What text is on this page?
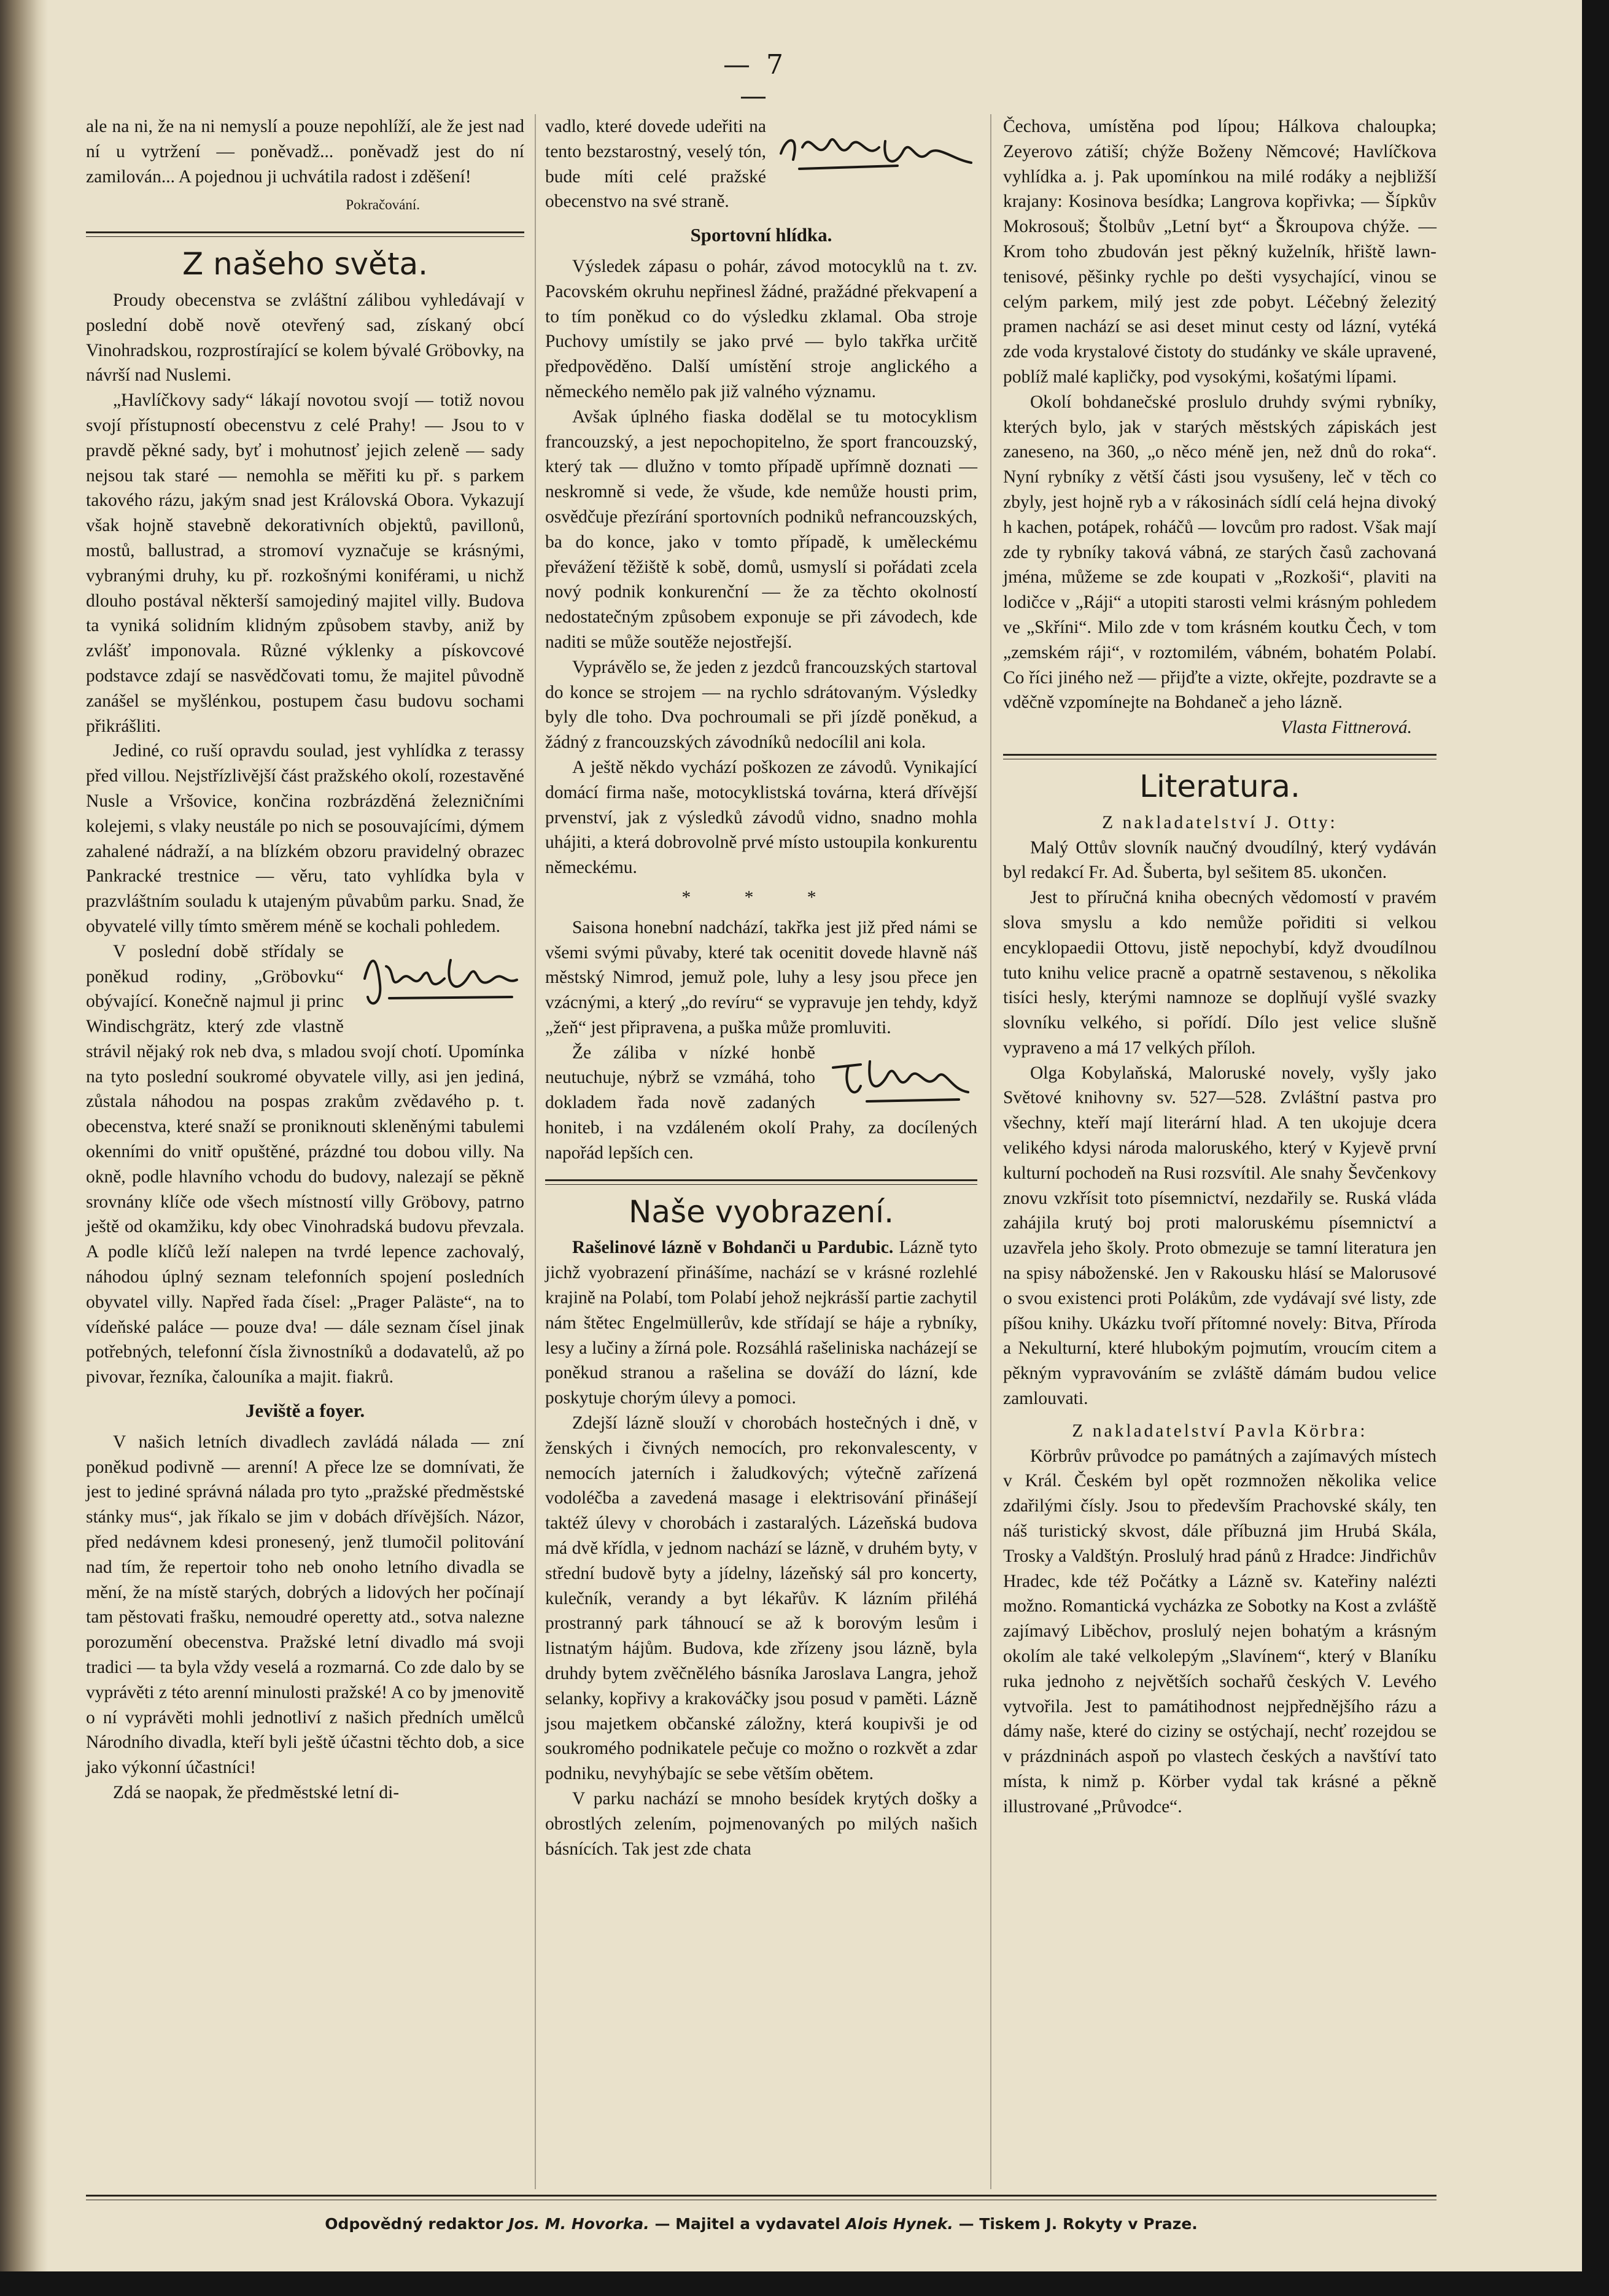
— 7 —

ale na ni, že na ni nemyslí a pouze nepohlíží, ale že jest nad ní u vytržení — poněvadž... poněvadž jest do ní zamilován... A pojednou ji uchvátila radost i zděšení!

Pokračování.

Z našeho světa.

Proudy obecenstva se zvláštní zálibou vyhledávají v poslední době nově otevřený sad, získaný obcí Vinohradskou, rozprostírající se kolem bývalé Gröbovky, na návrší nad Nuslemi.

„Havlíčkovy sady“ lákají novotou svojí — totiž novou svojí přístupností obecenstvu z celé Prahy! — Jsou to v pravdě pěkné sady, byť i mohutnosť jejich zeleně — sady nejsou tak staré — nemohla se měřiti ku př. s parkem takového rázu, jakým snad jest Královská Obora. Vykazují však hojně stavebně dekorativních objektů, pavillonů, mostů, ballustrad, a stromoví vyznačuje se krásnými, vybranými druhy, ku př. rozkošnými koniférami, u nichž dlouho postával některší samojediný majitel villy. Budova ta vyniká solidním klidným způsobem stavby, aniž by zvlášť imponovala. Různé výklenky a pískovcové podstavce zdají se nasvědčovati tomu, že majitel původně zanášel se myšlénkou, postupem času budovu sochami přikrášliti.

Jediné, co ruší opravdu soulad, jest vyhlídka z terassy před villou. Nejstřízlivější část pražského okolí, rozestavěné Nusle a Vršovice, končina rozbrázděná železničními kolejemi, s vlaky neustále po nich se posouvajícími, dýmem zahalené nádraží, a na blízkém obzoru pravidelný obrazec Pankracké trestnice — věru, tato vyhlídka byla v prazvláštním souladu k utajeným půvabům parku. Snad, že obyvatelé villy tímto směrem méně se kochali pohledem.

V poslední době střídaly se poněkud rodiny, „Gröbovku“ obývající. Konečně najmul ji princ Windischgrätz, který zde vlastně strávil nějaký rok neb dva, s mladou svojí chotí. Upomínka na tyto poslední soukromé obyvatele villy, asi jen jediná, zůstala náhodou na pospas zrakům zvědavého p. t. obecenstva, které snaží se proniknouti skleněnými tabulemi okenními do vnitř opuštěné, prázdné tou dobou villy. Na okně, podle hlavního vchodu do budovy, nalezají se pěkně srovnány klíče ode všech místností villy Gröbovy, patrno ještě od okamžiku, kdy obec Vinohradská budovu převzala. A podle klíčů leží nalepen na tvrdé lepence zachovalý, náhodou úplný seznam telefonních spojení posledních obyvatel villy. Napřed řada čísel: „Prager Paläste“, na to vídeňské paláce — pouze dva! — dále seznam čísel jinak potřebných, telefonní čísla živnostníků a dodavatelů, až po pivovar, řezníka, čalouníka a majit. fiakrů.

Jeviště a foyer.

V našich letních divadlech zavládá nálada — zní poněkud podivně — arenní! A přece lze se domnívati, že jest to jediné správná nálada pro tyto „pražské předměstské stánky mus“, jak říkalo se jim v dobách dřívějších. Názor, před nedávnem kdesi pronesený, jenž tlumočil politování nad tím, že repertoir toho neb onoho letního divadla se mění, že na místě starých, dobrých a lidových her počínají tam pěstovati frašku, nemoudré operetty atd., sotva nalezne porozumění obecenstva. Pražské letní divadlo má svoji tradici — ta byla vždy veselá a rozmarná. Co zde dalo by se vyprávěti z této arenní minulosti pražské! A co by jmenovitě o ní vyprávěti mohli jednotliví z našich předních umělců Národního divadla, kteří byli ještě účastni těchto dob, a sice jako výkonní účastníci!

Zdá se naopak, že předměstské letní di-

vadlo, které dovede udeřiti na tento bezstarostný, veselý tón, bude míti celé pražské obecenstvo na své straně.

Sportovní hlídka.

Výsledek zápasu o pohár, závod motocyklů na t. zv. Pacovském okruhu nepřinesl žádné, pražádné překvapení a to tím poněkud co do výsledku zklamal. Oba stroje Puchovy umístily se jako prvé — bylo takřka určitě předpověděno. Další umístění stroje anglického a německého nemělo pak již valného významu.

Avšak úplného fiaska dodělal se tu motocyklism francouzský, a jest nepochopitelno, že sport francouzský, který tak — dlužno v tomto případě upřímně doznati — neskromně si vede, že všude, kde nemůže housti prim, osvědčuje přezírání sportovních podniků nefrancouzských, ba do konce, jako v tomto případě, k uměleckému převážení těžiště k sobě, domů, usmyslí si pořádati zcela nový podnik konkurenční — že za těchto okolností nedostatečným způsobem exponuje se při závodech, kde naditi se může soutěže nejostřejší.

Vyprávělo se, že jeden z jezdců francouzských startoval do konce se strojem — na rychlo sdrátovaným. Výsledky byly dle toho. Dva pochroumali se při jízdě poněkud, a žádný z francouzských závodníků nedocílil ani kola.

A ještě někdo vychází poškozen ze závodů. Vynikající domácí firma naše, motocyklistská továrna, která dřívější prvenství, jak z výsledků závodů vidno, snadno mohla uhájiti, a která dobrovolně prvé místo ustoupila konkurentu německému.

* * *

Saisona honební nadchází, takřka jest již před námi se všemi svými půvaby, které tak ocenitit dovede hlavně náš městský Nimrod, jemuž pole, luhy a lesy jsou přece jen vzácnými, a který „do revíru“ se vypravuje jen tehdy, když „žeň“ jest připravena, a puška může promluviti.

Že záliba v nízké honbě neutuchuje, nýbrž se vzmáhá, toho dokladem řada nově zadaných honiteb, i na vzdáleném okolí Prahy, za docílených napořád lepších cen.

Naše vyobrazení.

Rašelinové lázně v Bohdanči u Pardubic. Lázně tyto jichž vyobrazení přinášíme, nachází se v krásné rozlehlé krajině na Polabí, tom Polabí jehož nejkrásší partie zachytil nám štětec Engelmüllerův, kde střídají se háje a rybníky, lesy a lučiny a žírná pole. Rozsáhlá rašeliniska nacházejí se poněkud stranou a rašelina se dováží do lázní, kde poskytuje chorým úlevy a pomoci.

Zdejší lázně slouží v chorobách hostečných i dně, v ženských i čivných nemocích, pro rekonvalescenty, v nemocích jaterních i žaludkových; výtečně zařízená vodoléčba a zavedená masage i elektrisování přinášejí taktéž úlevy v chorobách i zastaralých. Lázeňská budova má dvě křídla, v jednom nachází se lázně, v druhém byty, v střední budově byty a jídelny, lázeňský sál pro koncerty, kulečník, verandy a byt lékařův. K lázním přiléhá prostranný park táhnoucí se až k borovým lesům i listnatým hájům. Budova, kde zřízeny jsou lázně, byla druhdy bytem zvěčnělého básníka Jaroslava Langra, jehož selanky, kopřivy a krakováčky jsou posud v paměti. Lázně jsou majetkem občanské záložny, která koupivši je od soukromého podnikatele pečuje co možno o rozkvět a zdar podniku, nevyhýbajíc se sebe větším obětem.

V parku nachází se mnoho besídek krytých došky a obrostlých zelením, pojmenovaných po milých našich básnících. Tak jest zde chata

Čechova, umístěna pod lípou; Hálkova chaloupka; Zeyerovo zátiší; chýže Boženy Němcové; Havlíčkova vyhlídka a. j. Pak upomínkou na milé rodáky a nejbližší krajany: Kosinova besídka; Langrova kopřivka; — Šípkův Mokrosouš; Štolbův „Letní byt“ a Škroupova chýže. — Krom toho zbudován jest pěkný kuželník, hřiště lawn-tenisové, pěšinky rychle po dešti vysychající, vinou se celým parkem, milý jest zde pobyt. Léčebný železitý pramen nachází se asi deset minut cesty od lázní, vytéká zde voda krystalové čistoty do studánky ve skále upravené, poblíž malé kapličky, pod vysokými, košatými lípami.

Okolí bohdanečské proslulo druhdy svými rybníky, kterých bylo, jak v starých městských zápiskách jest zaneseno, na 360, „o něco méně jen, než dnů do roka“. Nyní rybníky z větší části jsou vysušeny, leč v těch co zbyly, jest hojně ryb a v rákosinách sídlí celá hejna divoký h kachen, potápek, roháčů — lovcům pro radost. Však mají zde ty rybníky taková vábná, ze starých časů zachovaná jména, můžeme se zde koupati v „Rozkoši“, plaviti na lodičce v „Ráji“ a utopiti starosti velmi krásným pohledem ve „Skříni“. Milo zde v tom krásném koutku Čech, v tom „zemském ráji“, v roztomilém, vábném, bohatém Polabí. Co říci jiného než — přijďte a vizte, okřejte, pozdravte se a vděčně vzpomínejte na Bohdaneč a jeho lázně.

Vlasta Fittnerová.

Literatura.

Z nakladatelství J. Otty:

Malý Ottův slovník naučný dvoudílný, který vydáván byl redakcí Fr. Ad. Šuberta, byl sešitem 85. ukončen.

Jest to příručná kniha obecných vědomostí v pravém slova smyslu a kdo nemůže pořiditi si velkou encyklopaedii Ottovu, jistě nepochybí, když dvoudílnou tuto knihu velice pracně a opatrně sestavenou, s několika tisíci hesly, kterými namnoze se doplňují vyšlé svazky slovníku velkého, si pořídí. Dílo jest velice slušně vypraveno a má 17 velkých příloh.

Olga Kobylaňská, Maloruské novely, vyšly jako Světové knihovny sv. 527—528. Zvláštní pastva pro všechny, kteří mají literární hlad. A ten ukojuje dcera velikého kdysi národa maloruského, který v Kyjevě první kulturní pochodeň na Rusi rozsvítil. Ale snahy Ševčenkovy znovu vzkřísit toto písemnictví, nezdařily se. Ruská vláda zahájila krutý boj proti maloruskému písemnictví a uzavřela jeho školy. Proto obmezuje se tamní literatura jen na spisy náboženské. Jen v Rakousku hlásí se Malorusové o svou existenci proti Polákům, zde vydávají své listy, zde píšou knihy. Ukázku tvoří přítomné novely: Bitva, Příroda a Nekulturní, které hlubokým pojmutím, vroucím citem a pěkným vypravováním se zvláště dámám budou velice zamlouvati.

Z nakladatelství Pavla Körbra:

Körbrův průvodce po památných a zajímavých místech v Král. Českém byl opět rozmnožen několika velice zdařilými čísly. Jsou to především Prachovské skály, ten náš turistický skvost, dále příbuzná jim Hrubá Skála, Trosky a Valdštýn. Proslulý hrad pánů z Hradce: Jindřichův Hradec, kde též Počátky a Lázně sv. Kateřiny nalézti možno. Romantická vycházka ze Sobotky na Kost a zvláště zajímavý Liběchov, proslulý nejen bohatým a krásným okolím ale také velkolepým „Slavínem“, který v Blaníku ruka jednoho z největších sochařů českých V. Levého vytvořila. Jest to památihodnost nejpřednějšího rázu a dámy naše, které do ciziny se ostýchají, nechť rozejdou se v prázdninách aspoň po vlastech českých a navštíví tato místa, k nimž p. Körber vydal tak krásné a pěkně illustrované „Průvodce“.

Odpovědný redaktor Jos. M. Hovorka. — Majitel a vydavatel Alois Hynek. — Tiskem J. Rokyty v Praze.
